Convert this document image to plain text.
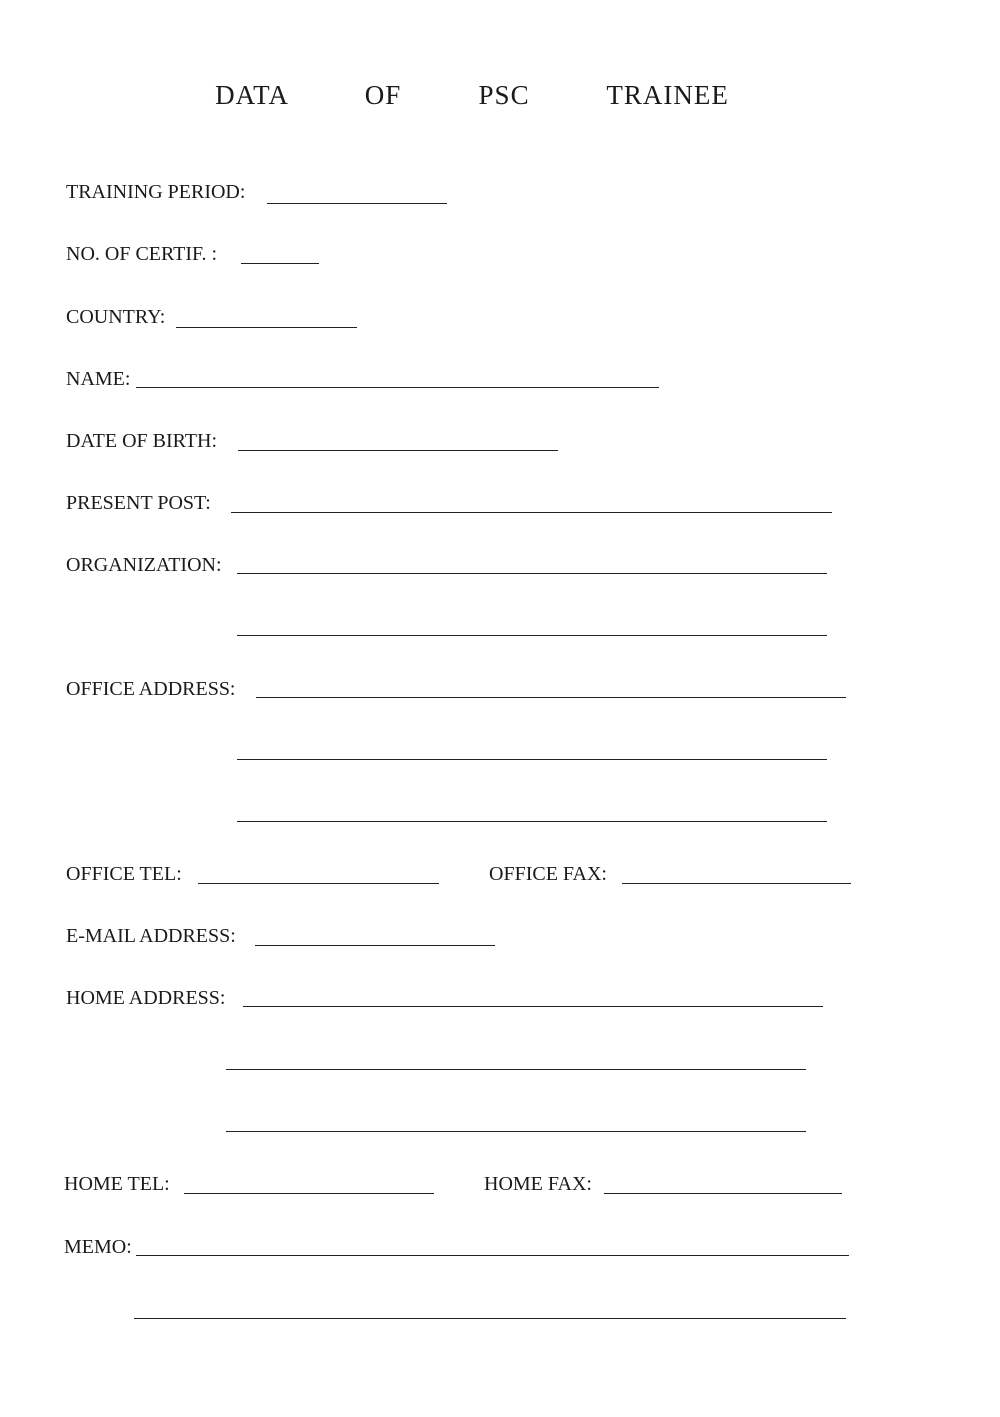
DATA   OF   PSC   TRAINEE
TRAINING PERIOD:
NO. OF CERTIF. :
COUNTRY:
NAME:
DATE OF BIRTH:
PRESENT POST:
ORGANIZATION:
OFFICE ADDRESS:
OFFICE TEL:	OFFICE FAX:
E-MAIL ADDRESS:
HOME ADDRESS:
HOME TEL:	HOME FAX:
MEMO:
